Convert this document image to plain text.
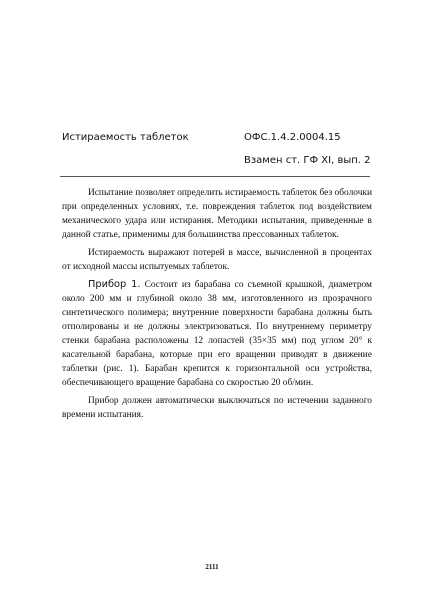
Истираемость таблеток	ОФС.1.4.2.0004.15
Взамен ст. ГФ XI, вып. 2

Испытание позволяет определить истираемость таблеток без оболочки при определенных условиях, т.е. повреждения таблеток под воздействием механического удара или истирания. Методики испытания, приведенные в данной статье, применимы для большинства прессованных таблеток.

Истираемость выражают потерей в массе, вычисленной в процентах от исходной массы испытуемых таблеток.

Прибор 1. Состоит из барабана со съемной крышкой, диаметром около 200 мм и глубиной около 38 мм, изготовленного из прозрачного синтетического полимера; внутренние поверхности барабана должны быть отполированы и не должны электризоваться. По внутреннему периметру стенки барабана расположены 12 лопастей (35×35 мм) под углом 20° к касательной барабана, которые при его вращении приводят в движение таблетки (рис. 1). Барабан крепится к горизонтальной оси устройства, обеспечивающего вращение барабана со скоростью 20 об/мин.

Прибор должен автоматически выключаться по истечении заданного времени испытания.

2111
